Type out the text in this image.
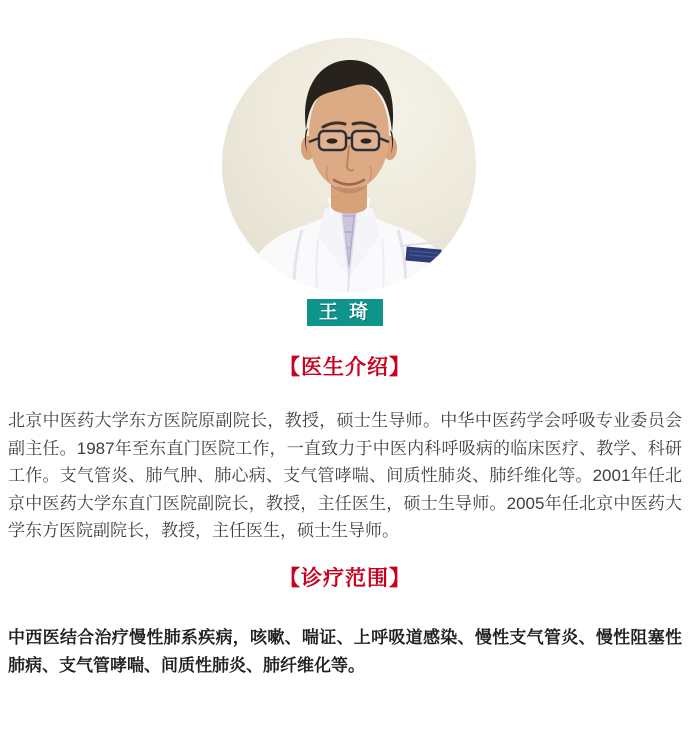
王 琦
【医生介绍】

北京中医药大学东方医院原副院长，教授，硕士生导师。中华中医药学会呼吸专业委员会副主任。1987年至东直门医院工作，一直致力于中医内科呼吸病的临床医疗、教学、科研工作。支气管炎、肺气肿、肺心病、支气管哮喘、间质性肺炎、肺纤维化等。2001年任北京中医药大学东直门医院副院长，教授，主任医生，硕士生导师。2005年任北京中医药大学东方医院副院长，教授，主任医生，硕士生导师。

【诊疗范围】

中西医结合治疗慢性肺系疾病，咳嗽、喘证、上呼吸道感染、慢性支气管炎、慢性阻塞性肺病、支气管哮喘、间质性肺炎、肺纤维化等。
